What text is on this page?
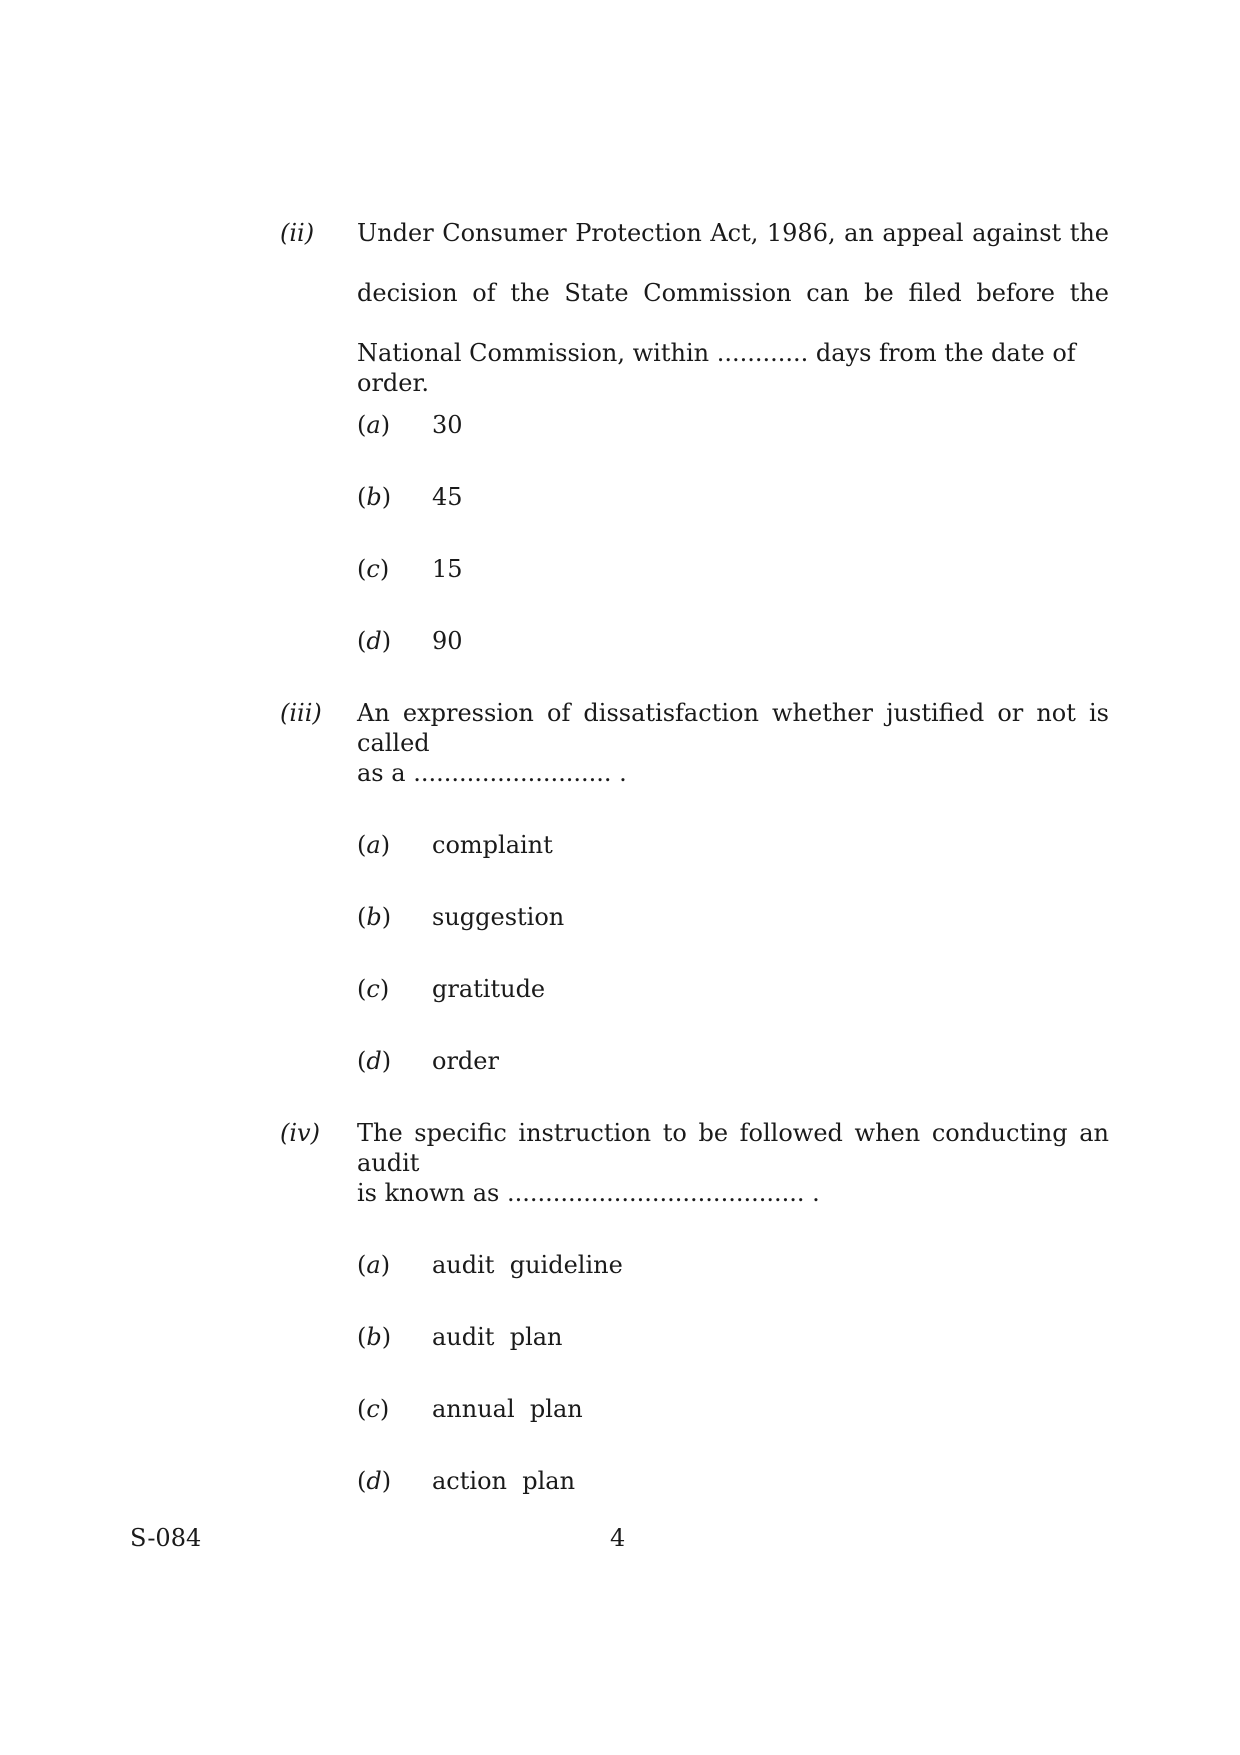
(ii) Under Consumer Protection Act, 1986, an appeal against the
decision of the State Commission can be filed before the
National Commission, within ............ days from the date of order.
(a) 30
(b) 45
(c) 15
(d) 90
(iii) An expression of dissatisfaction whether justified or not is called
as a .......................... .
(a) complaint
(b) suggestion
(c) gratitude
(d) order
(iv) The specific instruction to be followed when conducting an audit
is known as ....................................... .
(a) audit  guideline
(b) audit  plan
(c) annual  plan
(d) action  plan
S-084	4
